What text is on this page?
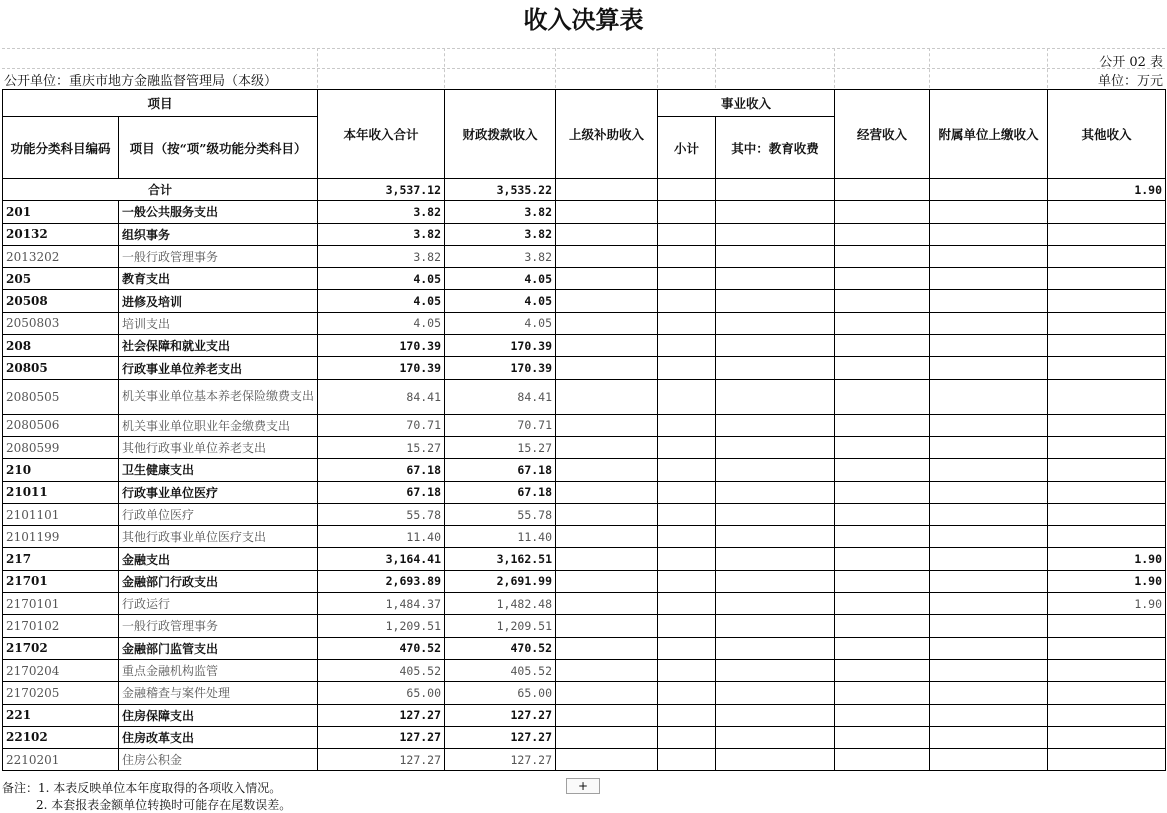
收入决算表
公开 02 表
公开单位：重庆市地方金融监督管理局（本级）	单位：万元
项目		本年收入合计	财政拨款收入	上级补助收入	事业收入		经营收入	附属单位上缴收入	其他收入
功能分类科目编码	项目（按“项”级功能分类科目）				小计	其中：教育收费			
合计		3,537.12	3,535.22						1.90
201	一般公共服务支出	3.82	3.82						
20132	组织事务	3.82	3.82						
2013202	一般行政管理事务	3.82	3.82						
205	教育支出	4.05	4.05						
20508	进修及培训	4.05	4.05						
2050803	培训支出	4.05	4.05						
208	社会保障和就业支出	170.39	170.39						
20805	行政事业单位养老支出	170.39	170.39						
2080505	机关事业单位基本养老保险缴费支出	84.41	84.41						
2080506	机关事业单位职业年金缴费支出	70.71	70.71						
2080599	其他行政事业单位养老支出	15.27	15.27						
210	卫生健康支出	67.18	67.18						
21011	行政事业单位医疗	67.18	67.18						
2101101	行政单位医疗	55.78	55.78						
2101199	其他行政事业单位医疗支出	11.40	11.40						
217	金融支出	3,164.41	3,162.51						1.90
21701	金融部门行政支出	2,693.89	2,691.99						1.90
2170101	行政运行	1,484.37	1,482.48						1.90
2170102	一般行政管理事务	1,209.51	1,209.51						
21702	金融部门监管支出	470.52	470.52						
2170204	重点金融机构监管	405.52	405.52						
2170205	金融稽查与案件处理	65.00	65.00						
221	住房保障支出	127.27	127.27						
22102	住房改革支出	127.27	127.27						
2210201	住房公积金	127.27	127.27						
备注：1. 本表反映单位本年度取得的各项收入情况。
2. 本套报表金额单位转换时可能存在尾数误差。
+
